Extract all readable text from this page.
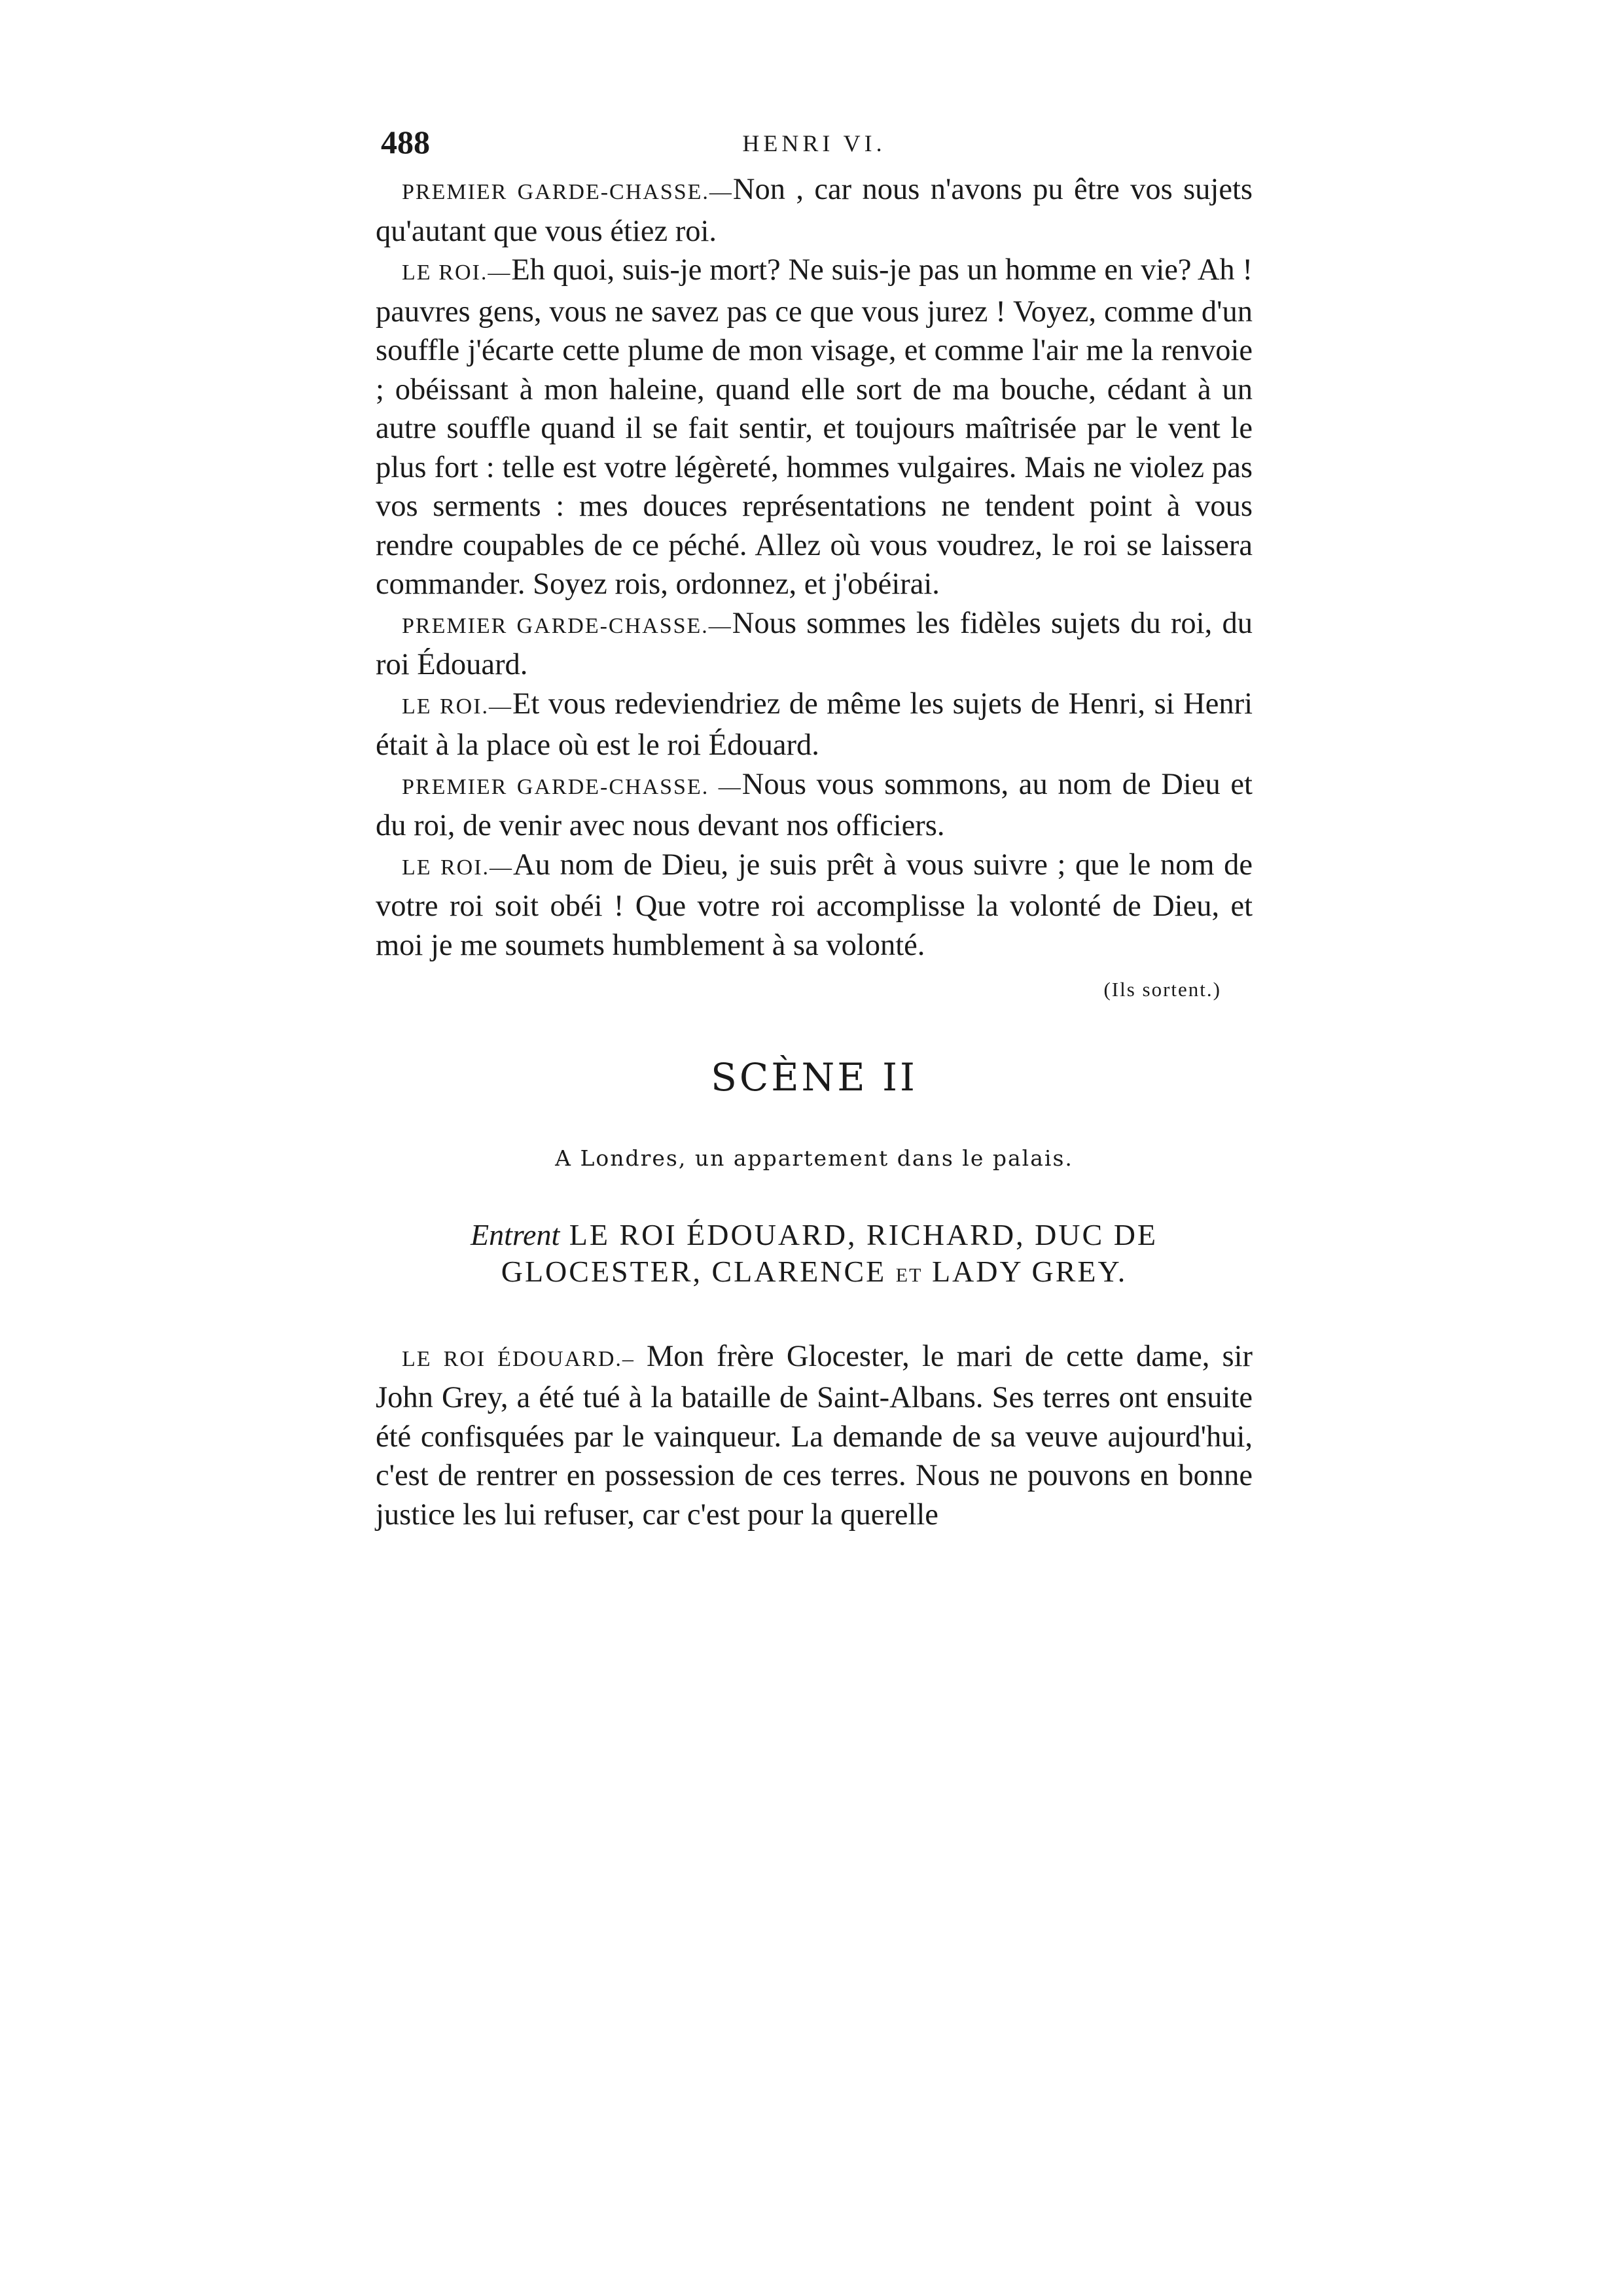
488	HENRI VI.

PREMIER GARDE-CHASSE.—Non , car nous n'avons pu être vos sujets qu'autant que vous étiez roi.

LE ROI.—Eh quoi, suis-je mort? Ne suis-je pas un homme en vie? Ah ! pauvres gens, vous ne savez pas ce que vous jurez ! Voyez, comme d'un souffle j'écarte cette plume de mon visage, et comme l'air me la renvoie ; obéissant à mon haleine, quand elle sort de ma bouche, cédant à un autre souffle quand il se fait sentir, et toujours maîtrisée par le vent le plus fort : telle est votre légèreté, hommes vulgaires. Mais ne violez pas vos serments : mes douces représentations ne tendent point à vous rendre coupables de ce péché. Allez où vous voudrez, le roi se laissera commander. Soyez rois, ordonnez, et j'obéirai.

PREMIER GARDE-CHASSE.—Nous sommes les fidèles sujets du roi, du roi Édouard.

LE ROI.—Et vous redeviendriez de même les sujets de Henri, si Henri était à la place où est le roi Édouard.

PREMIER GARDE-CHASSE. —Nous vous sommons, au nom de Dieu et du roi, de venir avec nous devant nos officiers.

LE ROI.—Au nom de Dieu, je suis prêt à vous suivre ; que le nom de votre roi soit obéi ! Que votre roi accomplisse la volonté de Dieu, et moi je me soumets humblement à sa volonté.

(Ils sortent.)
SCÈNE II
A Londres, un appartement dans le palais.
Entrent LE ROI ÉDOUARD, RICHARD, DUC DE
GLOCESTER, CLARENCE ET LADY GREY.

LE ROI ÉDOUARD.– Mon frère Glocester, le mari de cette dame, sir John Grey, a été tué à la bataille de Saint-Albans. Ses terres ont ensuite été confisquées par le vainqueur. La demande de sa veuve aujourd'hui, c'est de rentrer en possession de ces terres. Nous ne pouvons en bonne justice les lui refuser, car c'est pour la querelle
